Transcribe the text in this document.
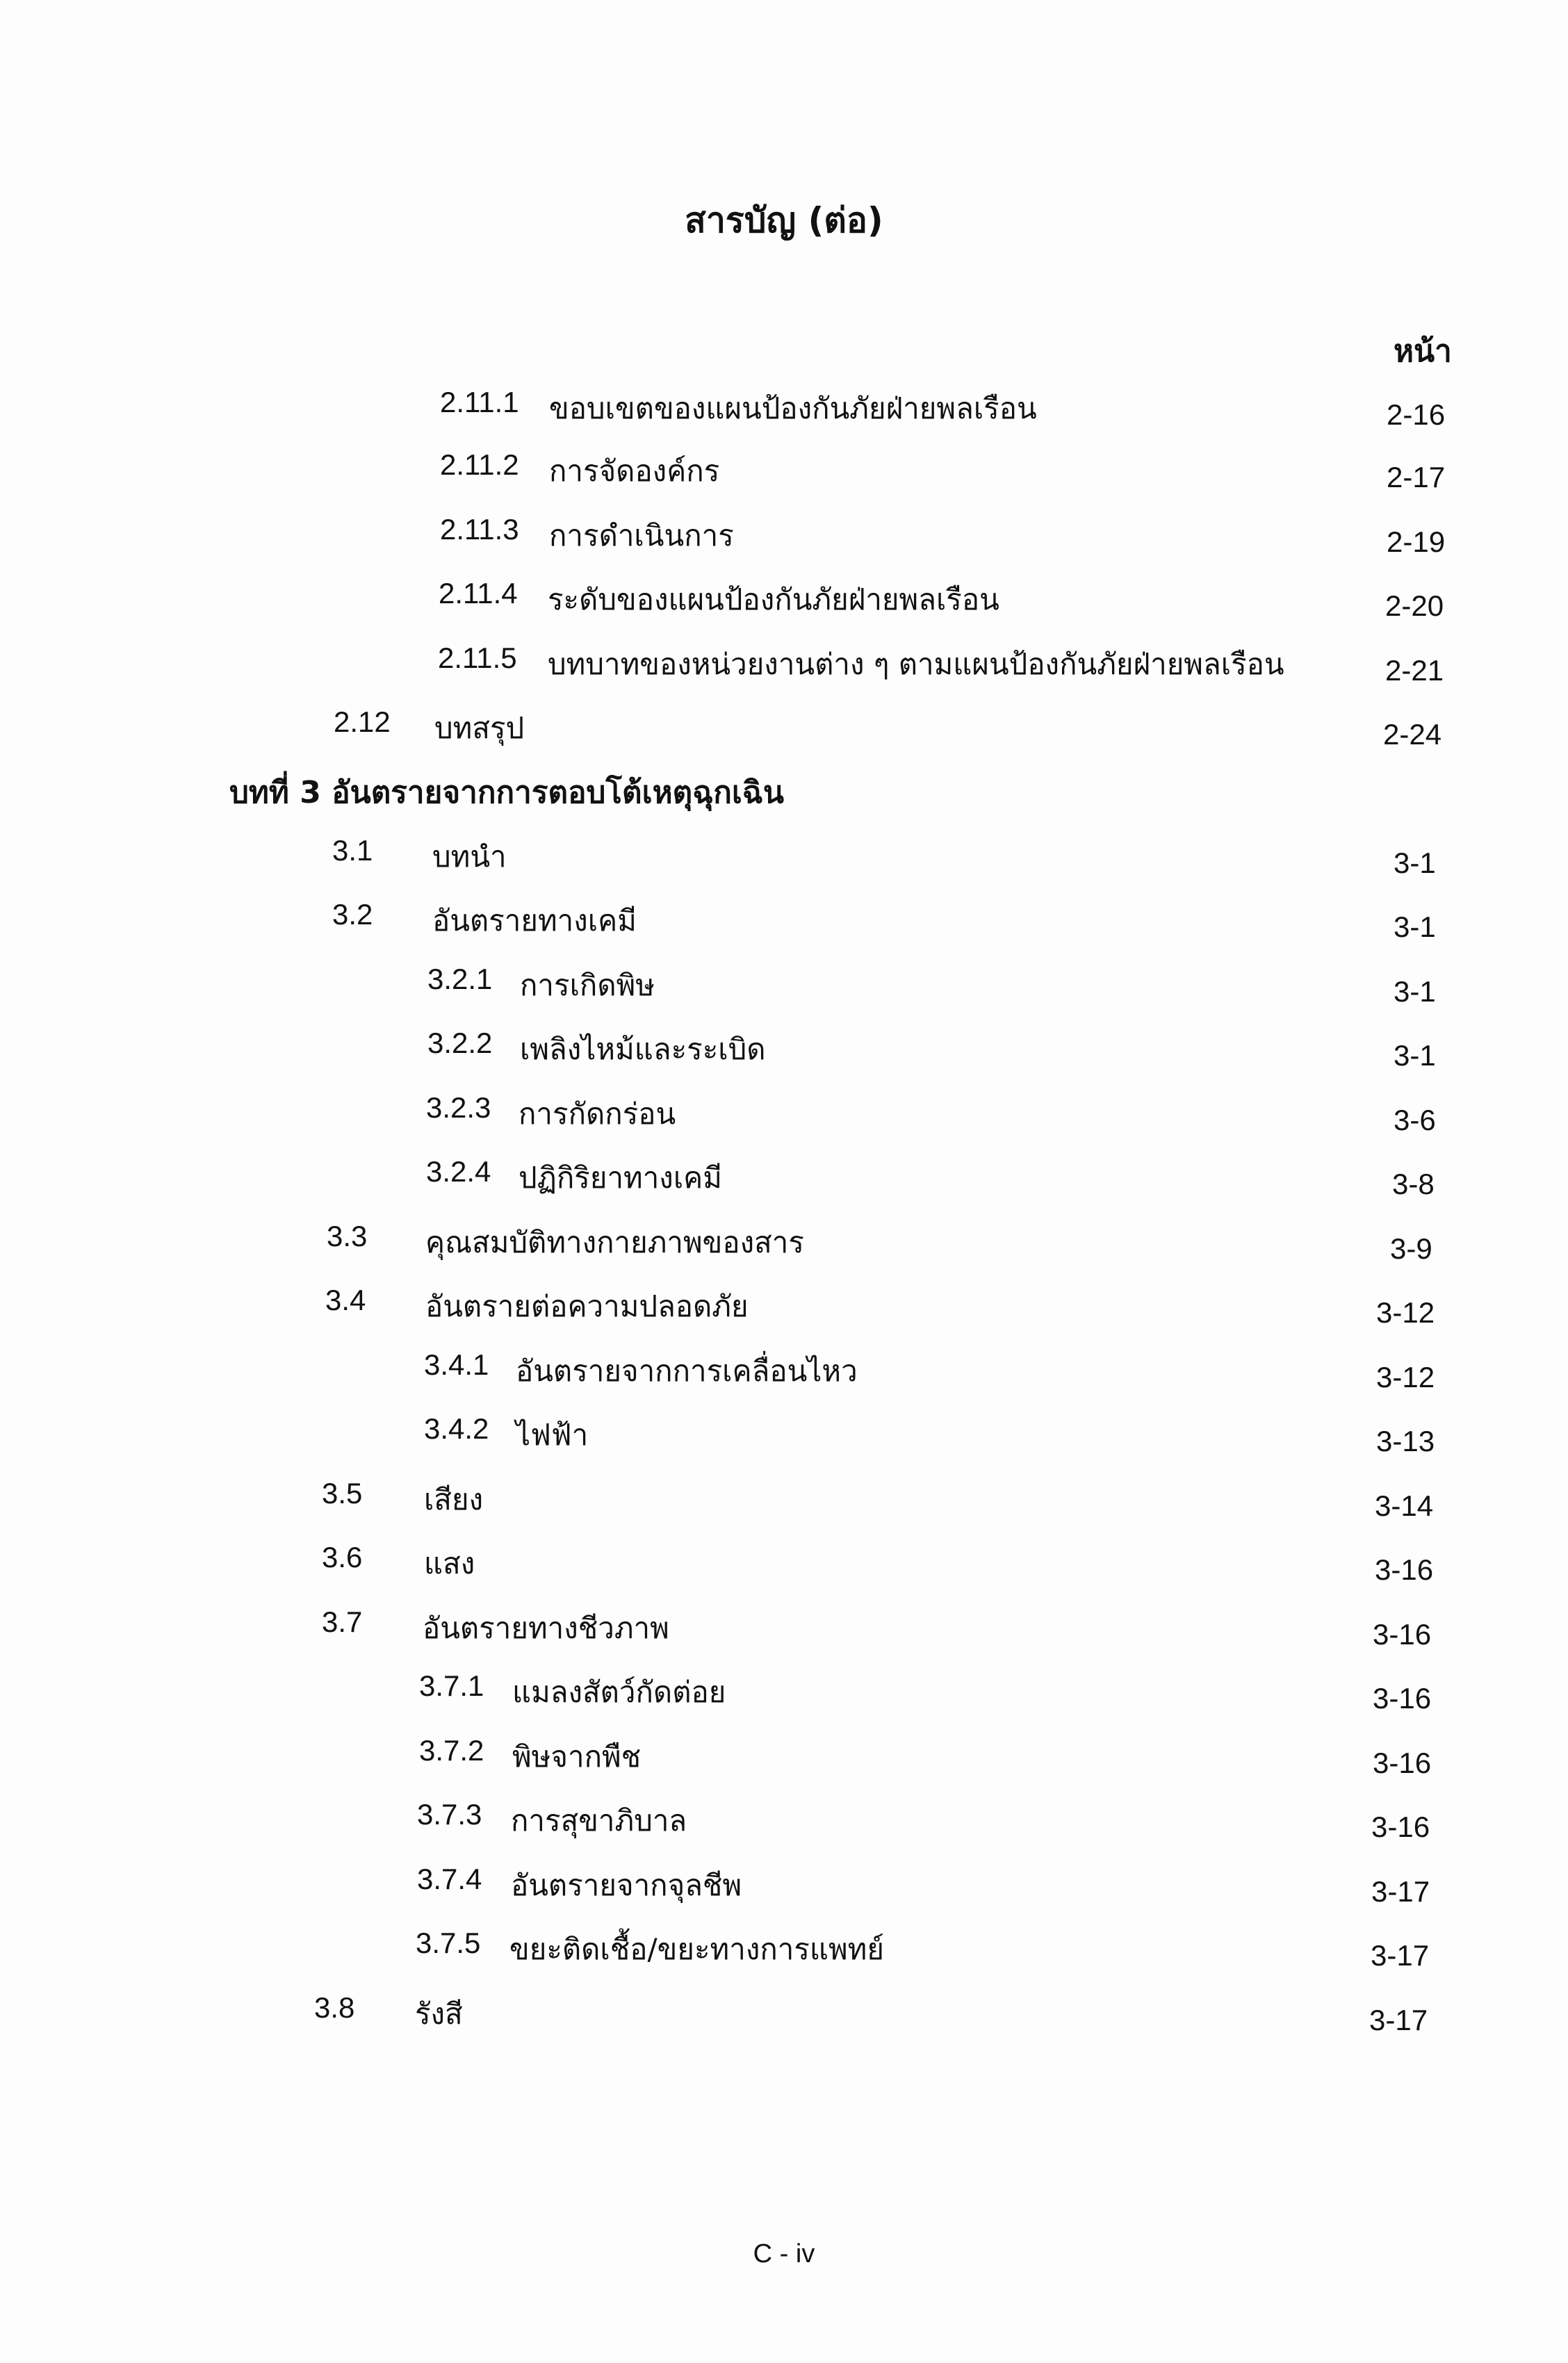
สารบัญ (ต่อ)
หน้า
2.11.1 ขอบเขตของแผนป้องกันภัยฝ่ายพลเรือน	2-16
2.11.2 การจัดองค์กร	2-17
2.11.3 การดำเนินการ	2-19
2.11.4 ระดับของแผนป้องกันภัยฝ่ายพลเรือน	2-20
2.11.5 บทบาทของหน่วยงานต่าง ๆ ตามแผนป้องกันภัยฝ่ายพลเรือน	2-21
2.12 บทสรุป	2-24
บทที่ 3 อันตรายจากการตอบโต้เหตุฉุกเฉิน
3.1 บทนำ	3-1
3.2 อันตรายทางเคมี	3-1
3.2.1 การเกิดพิษ	3-1
3.2.2 เพลิงไหม้และระเบิด	3-1
3.2.3 การกัดกร่อน	3-6
3.2.4 ปฏิกิริยาทางเคมี	3-8
3.3 คุณสมบัติทางกายภาพของสาร	3-9
3.4 อันตรายต่อความปลอดภัย	3-12
3.4.1 อันตรายจากการเคลื่อนไหว	3-12
3.4.2 ไฟฟ้า	3-13
3.5 เสียง	3-14
3.6 แสง	3-16
3.7 อันตรายทางชีวภาพ	3-16
3.7.1 แมลงสัตว์กัดต่อย	3-16
3.7.2 พิษจากพืช	3-16
3.7.3 การสุขาภิบาล	3-16
3.7.4 อันตรายจากจุลชีพ	3-17
3.7.5 ขยะติดเชื้อ/ขยะทางการแพทย์	3-17
3.8 รังสี	3-17
C - iv
